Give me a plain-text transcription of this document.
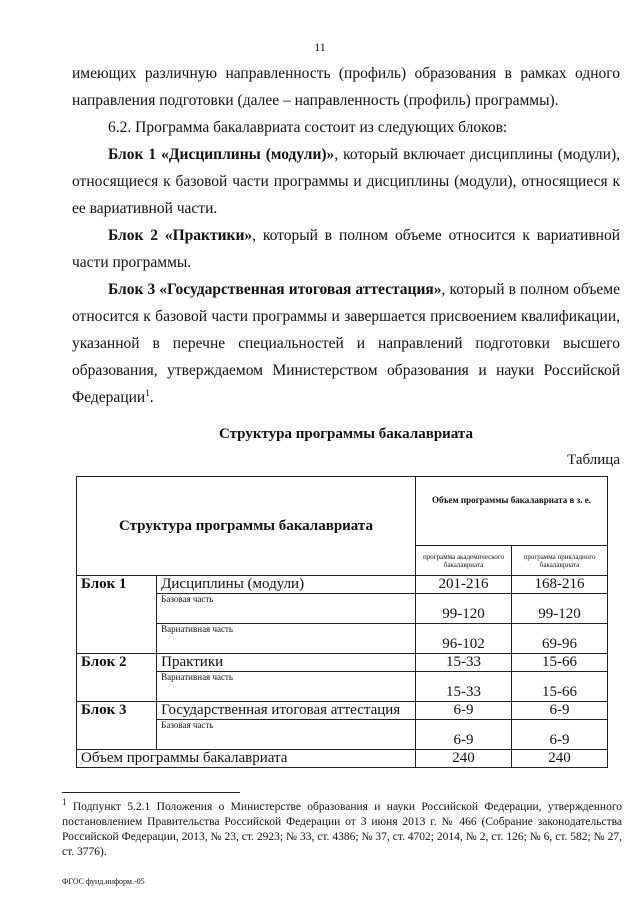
11

имеющих различную направленность (профиль) образования в рамках одного направления подготовки (далее – направленность (профиль) программы).

6.2. Программа бакалавриата состоит из следующих блоков:

Блок 1 «Дисциплины (модули)», который включает дисциплины (модули), относящиеся к базовой части программы и дисциплины (модули), относящиеся к ее вариативной части.

Блок 2 «Практики», который в полном объеме относится к вариативной части программы.

Блок 3 «Государственная итоговая аттестация», который в полном объеме относится к базовой части программы и завершается присвоением квалификации, указанной в перечне специальностей и направлений подготовки высшего образования, утверждаемом Министерством образования и науки Российской Федерации$^1$.

Структура программы бакалавриата
Таблица
Структура программы бакалавриата		Объем программы бакалавриата в з. е.	
		программа академического бакалавриата	программа прикладного бакалавриата
Блок 1	Дисциплины (модули)	201-216	168-216
	Базовая часть	99-120	99-120
	Вариативная часть	96-102	69-96
Блок 2	Практики	15-33	15-66
	Вариативная часть	15-33	15-66
Блок 3	Государственная итоговая аттестация	6-9	6-9
	Базовая часть	6-9	6-9
Объем программы бакалавриата		240	240

$^1$ Подпункт 5.2.1 Положения о Министерстве образования и науки Российской Федерации, утвержденного постановлением Правительства Российской Федерации от 3 июня 2013 г. № 466 (Собрание законодательства Российской Федерации, 2013, № 23, ст. 2923; № 33, ст. 4386; № 37, ст. 4702; 2014, № 2, ст. 126; № 6, ст. 582; № 27, ст. 3776).

ФГОС фунд.информ.-05
